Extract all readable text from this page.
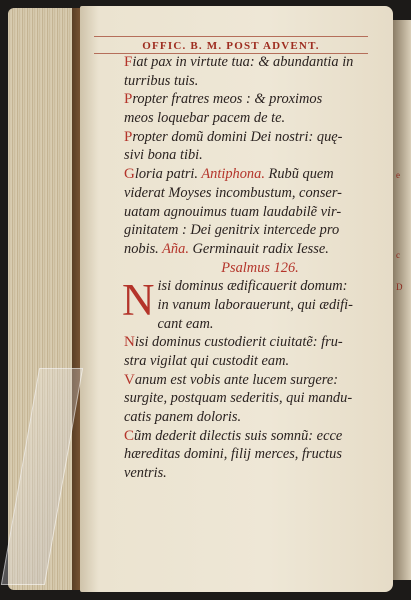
e
c
D
OFFIC. B. M. POST ADVENT.
Fiat pax in virtute tua: & abundantia in
turribus tuis.
Propter fratres meos : & proximos
meos loquebar pacem de te.
Propter domũ domini Dei nostri: quę-
sivi bona tibi.
Gloria patri. Antiphona. Rubũ quem
viderat Moyses incombustum, conser-
uatam agnouimus tuam laudabilẽ vir-
ginitatem : Dei genitrix intercede pro
nobis. Aña. Germinauit radix Iesse.
Psalmus 126.
N isi dominus ædificauerit domum:
in vanum laborauerunt, qui ædifi-
cant eam.
Nisi dominus custodierit ciuitatẽ: fru-
stra vigilat qui custodit eam.
Vanum est vobis ante lucem surgere:
surgite, postquam sederitis, qui mandu-
catis panem doloris.
Cũm dederit dilectis suis somnũ: ecce
hæreditas domini, filij merces, fructus
ventris.
